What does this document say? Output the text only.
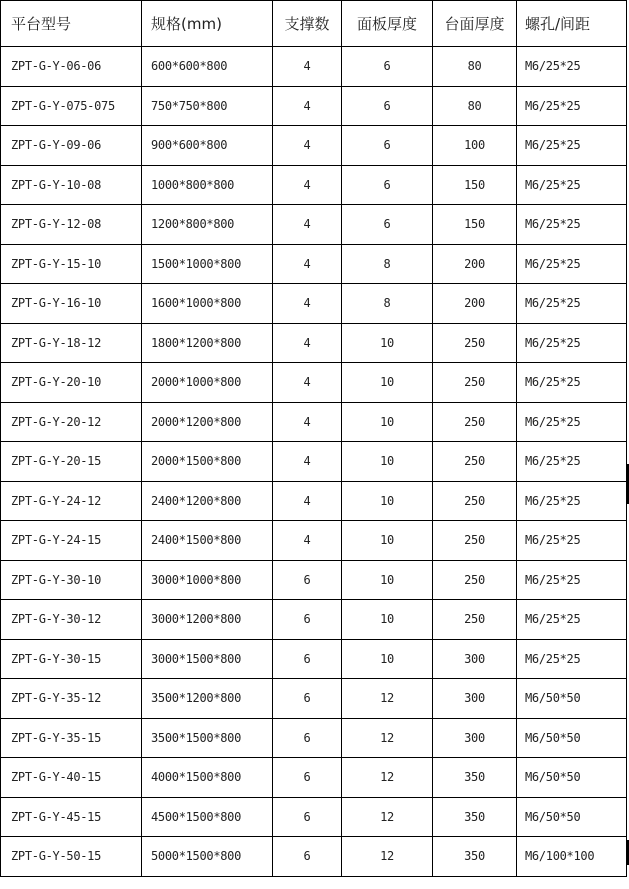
平台型号	规格(mm)	支撑数	面板厚度	台面厚度	螺孔/间距
ZPT-G-Y-06-06	600*600*800	4	6	80	M6/25*25
ZPT-G-Y-075-075	750*750*800	4	6	80	M6/25*25
ZPT-G-Y-09-06	900*600*800	4	6	100	M6/25*25
ZPT-G-Y-10-08	1000*800*800	4	6	150	M6/25*25
ZPT-G-Y-12-08	1200*800*800	4	6	150	M6/25*25
ZPT-G-Y-15-10	1500*1000*800	4	8	200	M6/25*25
ZPT-G-Y-16-10	1600*1000*800	4	8	200	M6/25*25
ZPT-G-Y-18-12	1800*1200*800	4	10	250	M6/25*25
ZPT-G-Y-20-10	2000*1000*800	4	10	250	M6/25*25
ZPT-G-Y-20-12	2000*1200*800	4	10	250	M6/25*25
ZPT-G-Y-20-15	2000*1500*800	4	10	250	M6/25*25
ZPT-G-Y-24-12	2400*1200*800	4	10	250	M6/25*25
ZPT-G-Y-24-15	2400*1500*800	4	10	250	M6/25*25
ZPT-G-Y-30-10	3000*1000*800	6	10	250	M6/25*25
ZPT-G-Y-30-12	3000*1200*800	6	10	250	M6/25*25
ZPT-G-Y-30-15	3000*1500*800	6	10	300	M6/25*25
ZPT-G-Y-35-12	3500*1200*800	6	12	300	M6/50*50
ZPT-G-Y-35-15	3500*1500*800	6	12	300	M6/50*50
ZPT-G-Y-40-15	4000*1500*800	6	12	350	M6/50*50
ZPT-G-Y-45-15	4500*1500*800	6	12	350	M6/50*50
ZPT-G-Y-50-15	5000*1500*800	6	12	350	M6/100*100
